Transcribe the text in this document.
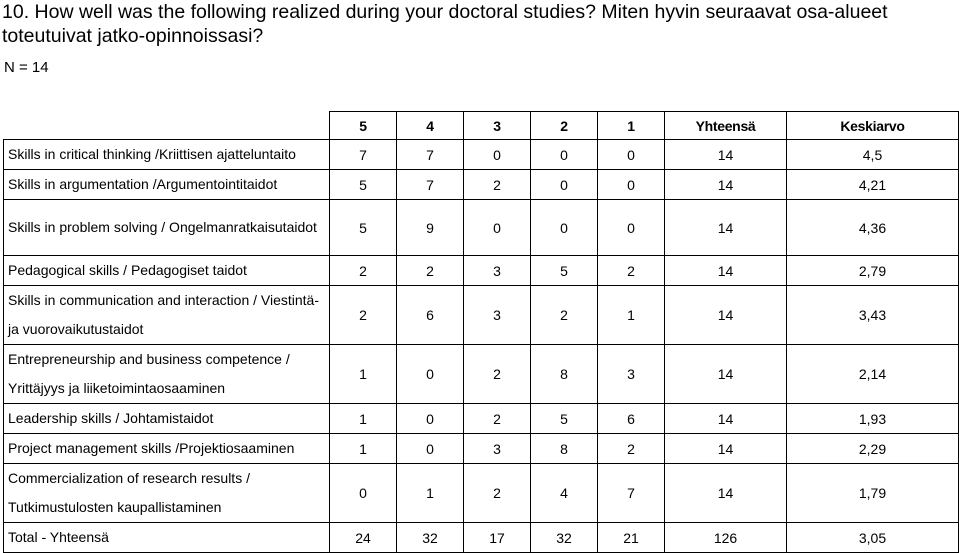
10. How well was the following realized during your doctoral studies? Miten hyvin seuraavat osa-alueet toteutuivat jatko-opinnoissasi?
N = 14
	5	4	3	2	1	Yhteensä	Keskiarvo
Skills in critical thinking /Kriittisen ajatteluntaito	7	7	0	0	0	14	4,5
Skills in argumentation /Argumentointitaidot	5	7	2	0	0	14	4,21
Skills in problem solving / Ongelmanratkaisutaidot	5	9	0	0	0	14	4,36
Pedagogical skills / Pedagogiset taidot	2	2	3	5	2	14	2,79
Skills in communication and interaction / Viestintä- ja vuorovaikutustaidot	2	6	3	2	1	14	3,43
Entrepreneurship and business competence / Yrittäjyys ja liiketoimintaosaaminen	1	0	2	8	3	14	2,14
Leadership skills / Johtamistaidot	1	0	2	5	6	14	1,93
Project management skills /Projektiosaaminen	1	0	3	8	2	14	2,29
Commercialization of research results / Tutkimustulosten kaupallistaminen	0	1	2	4	7	14	1,79
Total - Yhteensä	24	32	17	32	21	126	3,05
